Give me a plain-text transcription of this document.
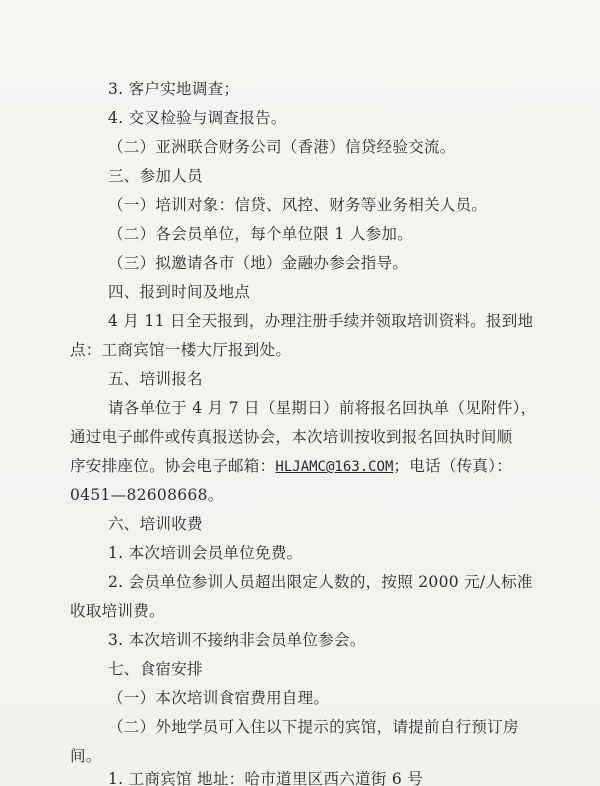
3. 客户实地调查；
4. 交叉检验与调查报告。
（二）亚洲联合财务公司（香港）信贷经验交流。
三、参加人员
（一）培训对象：信贷、风控、财务等业务相关人员。
（二）各会员单位，每个单位限 1 人参加。
（三）拟邀请各市（地）金融办参会指导。
四、报到时间及地点
4 月 11 日全天报到，办理注册手续并领取培训资料。报到地
点：工商宾馆一楼大厅报到处。
五、培训报名
请各单位于 4 月 7 日（星期日）前将报名回执单（见附件），
通过电子邮件或传真报送协会，本次培训按收到报名回执时间顺
序安排座位。协会电子邮箱：HLJAMC@163.COM；电话（传真）：
0451—82608668。
六、培训收费
1. 本次培训会员单位免费。
2. 会员单位参训人员超出限定人数的，按照 2000 元/人标准
收取培训费。
3. 本次培训不接纳非会员单位参会。
七、食宿安排
（一）本次培训食宿费用自理。
（二）外地学员可入住以下提示的宾馆，请提前自行预订房
间。
1. 工商宾馆 地址：哈市道里区西六道街 6 号
